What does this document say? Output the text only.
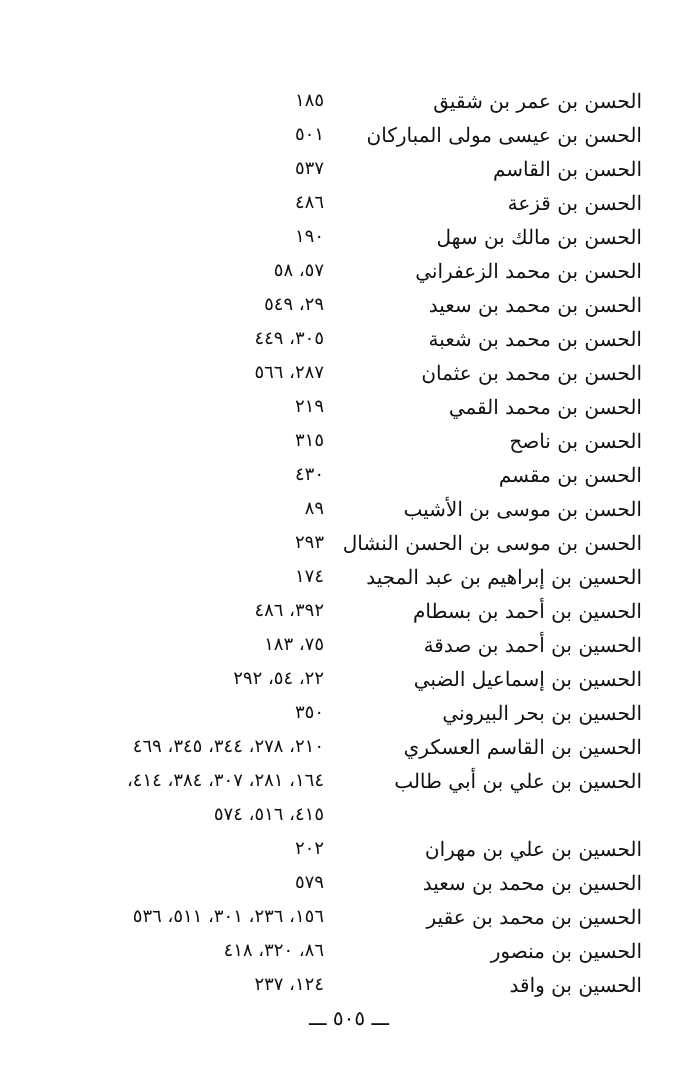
الحسن بن عمر بن شقيق
١٨٥
الحسن بن عيسى مولى المباركان
٥٠١
الحسن بن القاسم
٥٣٧
الحسن بن قزعة
٤٨٦
الحسن بن مالك بن سهل
١٩٠
الحسن بن محمد الزعفراني
٥٧، ٥٨
الحسن بن محمد بن سعيد
٢٩، ٥٤٩
الحسن بن محمد بن شعبة
٣٠٥، ٤٤٩
الحسن بن محمد بن عثمان
٢٨٧، ٥٦٦
الحسن بن محمد القمي
٢١٩
الحسن بن ناصح
٣١٥
الحسن بن مقسم
٤٣٠
الحسن بن موسى بن الأشيب
٨٩
الحسن بن موسى بن الحسن النشال
٢٩٣
الحسين بن إبراهيم بن عبد المجيد
١٧٤
الحسين بن أحمد بن بسطام
٣٩٢، ٤٨٦
الحسين بن أحمد بن صدقة
٧٥، ١٨٣
الحسين بن إسماعيل الضبي
٢٢، ٥٤، ٢٩٢
الحسين بن بحر البيروني
٣٥٠
الحسين بن القاسم العسكري
٢١٠، ٢٧٨، ٣٤٤، ٣٤٥، ٤٦٩
الحسين بن علي بن أبي طالب
١٦٤، ٢٨١، ٣٠٧، ٣٨٤، ٤١٤،
٤١٥، ٥١٦، ٥٧٤
الحسين بن علي بن مهران
٢٠٢
الحسين بن محمد بن سعيد
٥٧٩
الحسين بن محمد بن عقير
١٥٦، ٢٣٦، ٣٠١، ٥١١، ٥٣٦
الحسين بن منصور
٨٦، ٣٢٠، ٤١٨
الحسين بن واقد
١٢٤، ٢٣٧
ـــ ٥٠٥ ـــ
